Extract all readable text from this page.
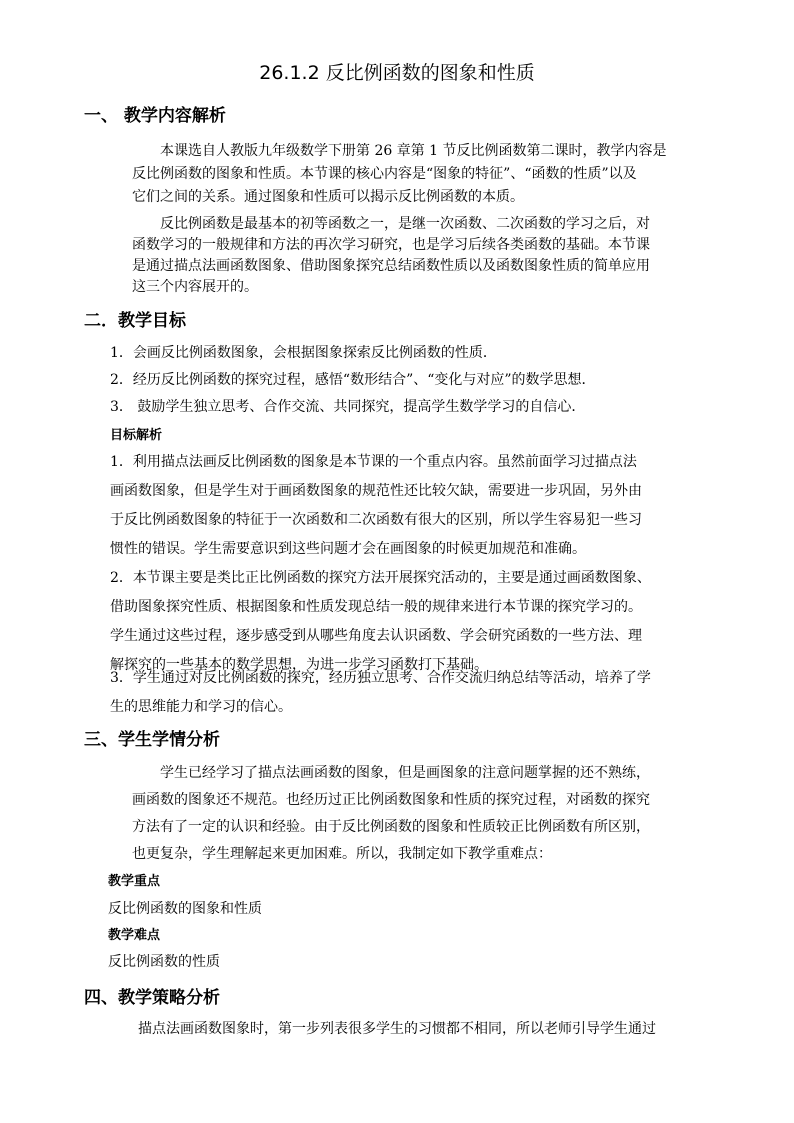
26.1.2 反比例函数的图象和性质
一、 教学内容解析

　　本课选自人教版九年级数学下册第 26 章第 1 节反比例函数第二课时，教学内容是
反比例函数的图象和性质。本节课的核心内容是“图象的特征”、“函数的性质”以及
它们之间的关系。通过图象和性质可以揭示反比例函数的本质。

　　反比例函数是最基本的初等函数之一，是继一次函数、二次函数的学习之后，对
函数学习的一般规律和方法的再次学习研究，也是学习后续各类函数的基础。本节课
是通过描点法画函数图象、借助图象探究总结函数性质以及函数图象性质的简单应用
这三个内容展开的。

二．教学目标

1．会画反比例函数图象，会根据图象探索反比例函数的性质．
2．经历反比例函数的探究过程，感悟“数形结合”、“变化与对应”的数学思想．
3． 鼓励学生独立思考、合作交流、共同探究，提高学生数学学习的自信心．

目标解析

1．利用描点法画反比例函数的图象是本节课的一个重点内容。虽然前面学习过描点法
画函数图象，但是学生对于画函数图象的规范性还比较欠缺，需要进一步巩固，另外由
于反比例函数图象的特征于一次函数和二次函数有很大的区别，所以学生容易犯一些习
惯性的错误。学生需要意识到这些问题才会在画图象的时候更加规范和准确。

2．本节课主要是类比正比例函数的探究方法开展探究活动的，主要是通过画函数图象、
借助图象探究性质、根据图象和性质发现总结一般的规律来进行本节课的探究学习的。
学生通过这些过程，逐步感受到从哪些角度去认识函数、学会研究函数的一些方法、理
解探究的一些基本的数学思想，为进一步学习函数打下基础。

3．学生通过对反比例函数的探究，经历独立思考、合作交流归纳总结等活动，培养了学
生的思维能力和学习的信心。

三、学生学情分析

　　学生已经学习了描点法画函数的图象，但是画图象的注意问题掌握的还不熟练，
画函数的图象还不规范。也经历过正比例函数图象和性质的探究过程，对函数的探究
方法有了一定的认识和经验。由于反比例函数的图象和性质较正比例函数有所区别，
也更复杂，学生理解起来更加困难。所以，我制定如下教学重难点：

教学重点
反比例函数的图象和性质
教学难点
反比例函数的性质
四、教学策略分析

　　描点法画函数图象时，第一步列表很多学生的习惯都不相同，所以老师引导学生通过
